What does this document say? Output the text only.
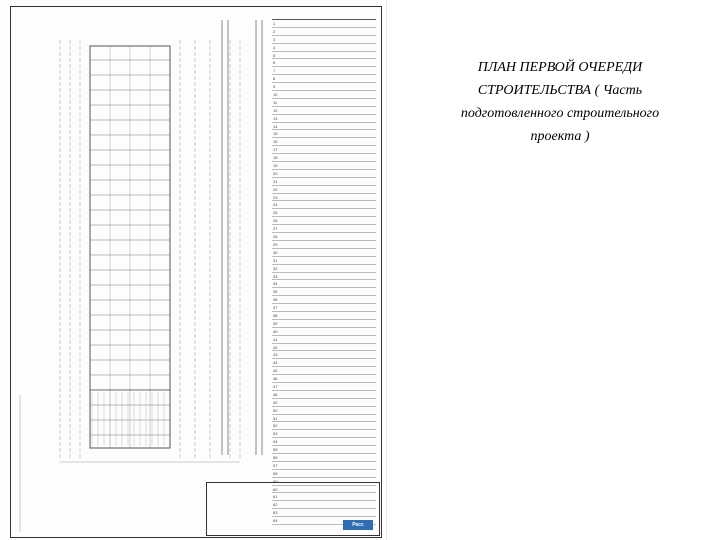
1
2
3
4
5
6
7
8
9
10
11
12
13
14
15
16
17
18
19
20
21
22
23
24
25
26
27
28
29
30
31
32
33
34
35
36
37
38
39
40
41
42
43
44
45
46
47
48
49
50
51
52
53
54
55
56
57
58
59
60
61
62
63
64
Ресс
ПЛАН ПЕРВОЙ ОЧЕРЕДИ
СТРОИТЕЛЬСТВА ( Часть
подготовленного строительного
проекта )
